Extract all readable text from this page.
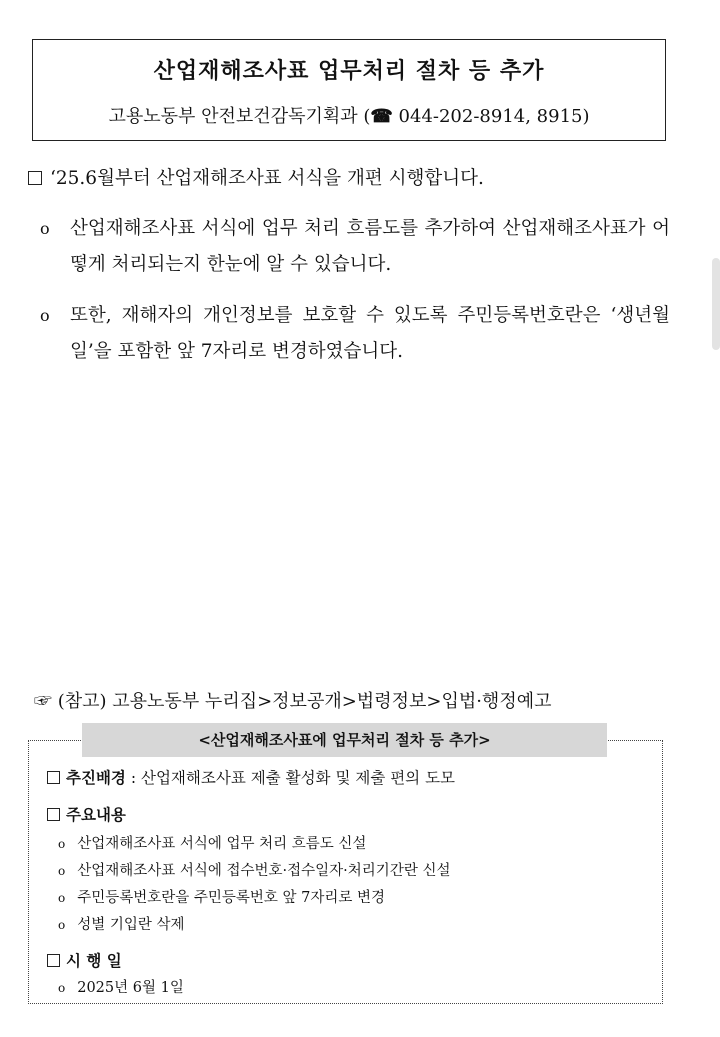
산업재해조사표 업무처리 절차 등 추가
고용노동부 안전보건감독기획과 (☎ 044-202-8914, 8915)
‘25.6월부터 산업재해조사표 서식을 개편 시행합니다.
o 산업재해조사표 서식에 업무 처리 흐름도를 추가하여 산업재해조사표가 어떻게 처리되는지 한눈에 알 수 있습니다.
o 또한, 재해자의 개인정보를 보호할 수 있도록 주민등록번호란은 ‘생년월일’을 포함한 앞 7자리로 변경하였습니다.
☞ (참고) 고용노동부 누리집>정보공개>법령정보>입법·행정예고
<산업재해조사표에 업무처리 절차 등 추가>
추진배경 : 산업재해조사표 제출 활성화 및 제출 편의 도모
주요내용
o 산업재해조사표 서식에 업무 처리 흐름도 신설
o 산업재해조사표 서식에 접수번호·접수일자·처리기간란 신설
o 주민등록번호란을 주민등록번호 앞 7자리로 변경
o 성별 기입란 삭제
시 행 일
o 2025년 6월 1일
